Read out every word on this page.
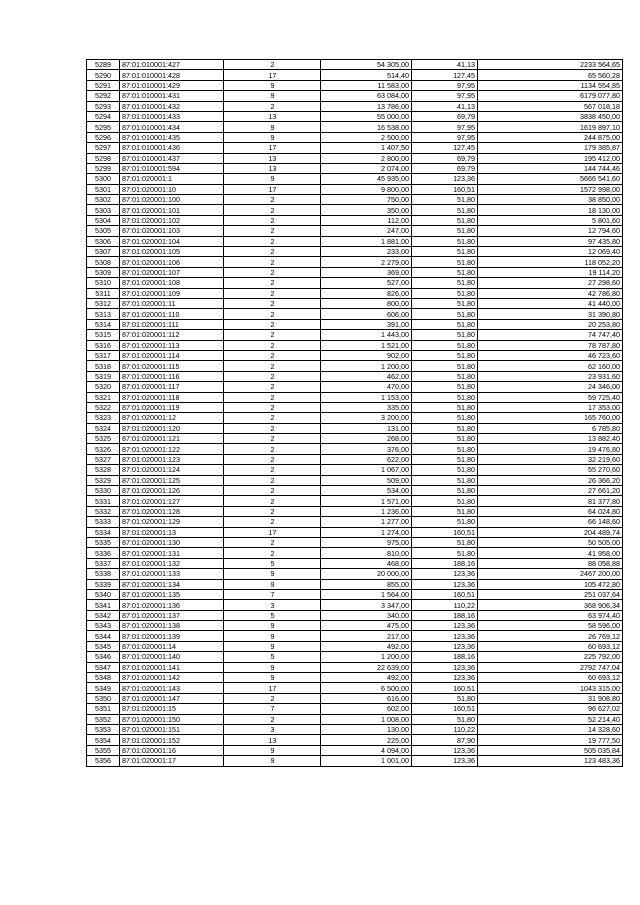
5289	87:01:010001:427	2	54 305,00	41,13	2233 564,65
5290	87:01:010001:428	17	514,40	127,45	65 560,28
5291	87:01:010001:429	9	11 583,00	97,95	1134 554,85
5292	87:01:010001:431	9	63 084,00	97,95	6179 077,80
5293	87:01:010001:432	2	13 786,00	41,13	567 018,18
5294	87:01:010001:433	13	55 000,00	69,79	3838 450,00
5295	87:01:010001:434	9	16 538,00	97,95	1619 897,10
5296	87:01:010001:435	9	2 500,00	97,95	244 875,00
5297	87:01:010001:436	17	1 407,50	127,45	179 385,87
5298	87:01:010001:437	13	2 800,00	69,79	195 412,00
5299	87:01:010001:594	13	2 074,00	69,79	144 744,46
5300	87:01:020001:1	9	45 935,00	123,36	5666 541,60
5301	87:01:020001:10	17	9 800,00	160,51	1572 998,00
5302	87:01:020001:100	2	750,00	51,80	38 850,00
5303	87:01:020001:101	2	350,00	51,80	18 130,00
5304	87:01:020001:102	2	112,00	51,80	5 801,60
5305	87:01:020001:103	2	247,00	51,80	12 794,60
5306	87:01:020001:104	2	1 881,00	51,80	97 435,80
5307	87:01:020001:105	2	233,00	51,80	12 069,40
5308	87:01:020001:106	2	2 279,00	51,80	118 052,20
5309	87:01:020001:107	2	369,00	51,80	19 114,20
5310	87:01:020001:108	2	527,00	51,80	27 298,60
5311	87:01:020001:109	2	826,00	51,80	42 786,80
5312	87:01:020001:11	2	800,00	51,80	41 440,00
5313	87:01:020001:110	2	606,00	51,80	31 390,80
5314	87:01:020001:111	2	391,00	51,80	20 253,80
5315	87:01:020001:112	2	1 443,00	51,80	74 747,40
5316	87:01:020001:113	2	1 521,00	51,80	78 787,80
5317	87:01:020001:114	2	902,00	51,80	46 723,60
5318	87:01:020001:115	2	1 200,00	51,80	62 160,00
5319	87:01:020001:116	2	462,00	51,80	23 931,60
5320	87:01:020001:117	2	470,00	51,80	24 346,00
5321	87:01:020001:118	2	1 153,00	51,80	59 725,40
5322	87:01:020001:119	2	335,00	51,80	17 353,00
5323	87:01:020001:12	2	3 200,00	51,80	165 760,00
5324	87:01:020001:120	2	131,00	51,80	6 785,80
5325	87:01:020001:121	2	268,00	51,80	13 882,40
5326	87:01:020001:122	2	376,00	51,80	19 476,80
5327	87:01:020001:123	2	622,00	51,80	32 219,60
5328	87:01:020001:124	2	1 067,00	51,80	55 270,60
5329	87:01:020001:125	2	509,00	51,80	26 366,20
5330	87:01:020001:126	2	534,00	51,80	27 661,20
5331	87:01:020001:127	2	1 571,00	51,80	81 377,80
5332	87:01:020001:128	2	1 236,00	51,80	64 024,80
5333	87:01:020001:129	2	1 277,00	51,80	66 148,60
5334	87:01:020001:13	17	1 274,00	160,51	204 489,74
5335	87:01:020001:130	2	975,00	51,80	50 505,00
5336	87:01:020001:131	2	810,00	51,80	41 958,00
5337	87:01:020001:132	5	468,00	188,16	88 058,88
5338	87:01:020001:133	9	20 000,00	123,36	2467 200,00
5339	87:01:020001:134	9	855,00	123,36	105 472,80
5340	87:01:020001:135	7	1 564,00	160,51	251 037,64
5341	87:01:020001:136	3	3 347,00	110,22	368 906,34
5342	87:01:020001:137	5	340,00	188,16	63 974,40
5343	87:01:020001:138	9	475,00	123,36	58 596,00
5344	87:01:020001:139	9	217,00	123,36	26 769,12
5345	87:01:020001:14	9	492,00	123,36	60 693,12
5346	87:01:020001:140	5	1 200,00	188,16	225 792,00
5347	87:01:020001:141	9	22 639,00	123,36	2792 747,04
5348	87:01:020001:142	9	492,00	123,36	60 693,12
5349	87:01:020001:143	17	6 500,00	160,51	1043 315,00
5350	87:01:020001:147	2	616,00	51,80	31 908,80
5351	87:01:020001:15	7	602,00	160,51	96 627,02
5352	87:01:020001:150	2	1 008,00	51,80	52 214,40
5353	87:01:020001:151	3	130,00	110,22	14 328,60
5354	87:01:020001:152	13	225,00	87,90	19 777,50
5355	87:01:020001:16	9	4 094,00	123,36	505 035,84
5356	87:01:020001:17	9	1 001,00	123,36	123 483,36
